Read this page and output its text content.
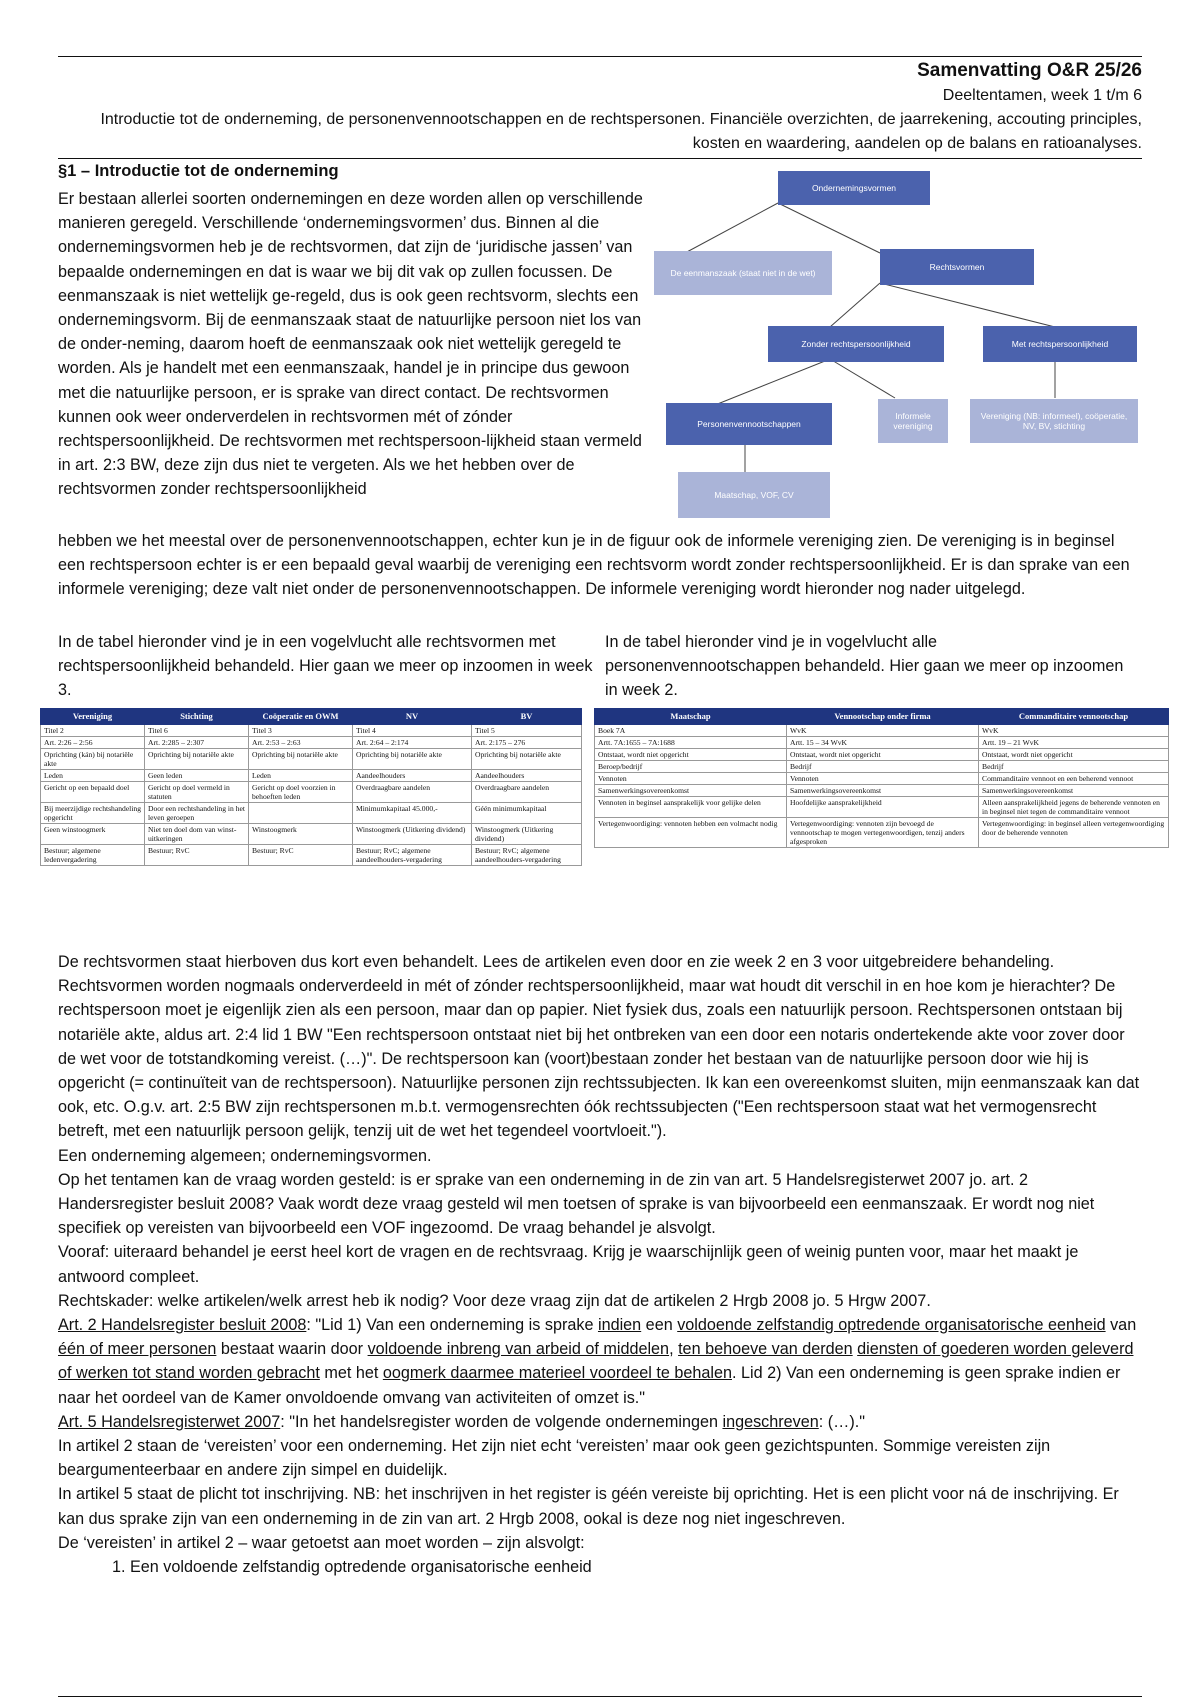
Samenvatting O&R 25/26
Deeltentamen, week 1 t/m 6
Introductie tot de onderneming, de personenvennootschappen en de rechtspersonen. Financiële overzichten, de jaarrekening, accouting principles, kosten en waardering, aandelen op de balans en ratioanalyses.
§1 – Introductie tot de onderneming
Er bestaan allerlei soorten ondernemingen en deze worden allen op verschillende manieren geregeld. Verschillende ‘ondernemingsvormen’ dus. Binnen al die ondernemingsvormen heb je de rechtsvormen, dat zijn de ‘juridische jassen’ van bepaalde ondernemingen en dat is waar we bij dit vak op zullen focussen. De eenmanszaak is niet wettelijk ge-regeld, dus is ook geen rechtsvorm, slechts een ondernemingsvorm. Bij de eenmanszaak staat de natuurlijke persoon niet los van de onder-neming, daarom hoeft de eenmanszaak ook niet wettelijk geregeld te worden. Als je handelt met een eenmanszaak, handel je in principe dus gewoon met die natuurlijke persoon, er is sprake van direct contact. De rechtsvormen kunnen ook weer onderverdelen in rechtsvormen mét of zónder rechtspersoonlijkheid. De rechtsvormen met rechtspersoon-lijkheid staan vermeld in art. 2:3 BW, deze zijn dus niet te vergeten. Als we het hebben over de rechtsvormen zonder rechtspersoonlijkheid
Ondernemingsvormen
De eenmanszaak (staat niet in de wet)
Rechtsvormen
Zonder rechtspersoonlijkheid	Met rechtspersoonlijkheid
Personenvennootschappen
Informele vereniging
Vereniging (NB: informeel), coöperatie, NV, BV, stichting
Maatschap, VOF, CV
hebben we het meestal over de personenvennootschappen, echter kun je in de figuur ook de informele vereniging zien. De vereniging is in beginsel een rechtspersoon echter is er een bepaald geval waarbij de vereniging een rechtsvorm wordt zonder rechtspersoonlijkheid. Er is dan sprake van een informele vereniging; deze valt niet onder de personenvennootschappen. De informele vereniging wordt hieronder nog nader uitgelegd.
In de tabel hieronder vind je in een vogelvlucht alle rechtsvormen met rechtspersoonlijkheid behandeld. Hier gaan we meer op inzoomen in week 3.
In de tabel hieronder vind je in vogelvlucht alle personenvennootschappen behandeld. Hier gaan we meer op inzoomen in week 2.
Vereniging	Stichting	Coöperatie en OWM	NV	BV
Titel 2	Titel 6	Titel 3	Titel 4	Titel 5
Art. 2:26 – 2:56	Art. 2:285 – 2:307	Art. 2:53 – 2:63	Art. 2:64 – 2:174	Art. 2:175 – 276
Oprichting (kán) bij notariële akte	Oprichting bij notariële akte	Oprichting bij notariële akte	Oprichting bij notariële akte	Oprichting bij notariële akte
Leden	Geen leden	Leden	Aandeelhouders	Aandeelhouders
Gericht op een bepaald doel	Gericht op doel vermeld in statuten	Gericht op doel voorzien in behoeften leden	Overdraagbare aandelen	Overdraagbare aandelen
Bij meerzijdige rechtshandeling opgericht	Door een rechtshandeling in het leven geroepen		Minimumkapitaal 45.000,-	Géén minimumkapitaal
Geen winstoogmerk	Niet ten doel dom van winst-uitkeringen	Winstoogmerk	Winstoogmerk (Uitkering dividend)	Winstoogmerk (Uitkering dividend)
Bestuur; algemene ledenvergadering	Bestuur; RvC	Bestuur; RvC	Bestuur; RvC; algemene aandeelhouders-vergadering	Bestuur; RvC; algemene aandeelhouders-vergadering
Maatschap	Vennootschap onder firma	Commanditaire vennootschap
Boek 7A	WvK	WvK
Artt. 7A:1655 – 7A:1688	Artt. 15 – 34 WvK	Artt. 19 – 21 WvK
Ontstaat, wordt niet opgericht	Ontstaat, wordt niet opgericht	Ontstaat, wordt niet opgericht
Beroep/bedrijf	Bedrijf	Bedrijf
Vennoten	Vennoten	Commanditaire vennoot en een beherend vennoot
Samenwerkingsovereenkomst	Samenwerkingsovereenkomst	Samenwerkingsovereenkomst
Vennoten in beginsel aansprakelijk voor gelijke delen	Hoofdelijke aansprakelijkheid	Alleen aansprakelijkheid jegens de beherende vennoten en in beginsel niet tegen de commanditaire vennoot
Vertegenwoordiging: vennoten hebben een volmacht nodig	Vertegenwoordiging: vennoten zijn bevoegd de vennootschap te mogen vertegenwoordigen, tenzij anders afgesproken	Vertegenwoordiging: in beginsel alleen vertegenwoordiging door de beherende vennoten
De rechtsvormen staat hierboven dus kort even behandelt. Lees de artikelen even door en zie week 2 en 3 voor uitgebreidere behandeling. Rechtsvormen worden nogmaals onderverdeeld in mét of zónder rechtspersoonlijkheid, maar wat houdt dit verschil in en hoe kom je hierachter? De rechtspersoon moet je eigenlijk zien als een persoon, maar dan op papier. Niet fysiek dus, zoals een natuurlijk persoon. Rechtspersonen ontstaan bij notariële akte, aldus art. 2:4 lid 1 BW "Een rechtspersoon ontstaat niet bij het ontbreken van een door een notaris ondertekende akte voor zover door de wet voor de totstandkoming vereist. (…)". De rechtspersoon kan (voort)bestaan zonder het bestaan van de natuurlijke persoon door wie hij is opgericht (= continuïteit van de rechtspersoon). Natuurlijke personen zijn rechtssubjecten. Ik kan een overeenkomst sluiten, mijn eenmanszaak kan dat ook, etc. O.g.v. art. 2:5 BW zijn rechtspersonen m.b.t. vermogensrechten óók rechtssubjecten ("Een rechtspersoon staat wat het vermogensrecht betreft, met een natuurlijk persoon gelijk, tenzij uit de wet het tegendeel voortvloeit.").
Een onderneming algemeen; ondernemingsvormen.
Op het tentamen kan de vraag worden gesteld: is er sprake van een onderneming in de zin van art. 5 Handelsregisterwet 2007 jo. art. 2 Handersregister besluit 2008? Vaak wordt deze vraag gesteld wil men toetsen of sprake is van bijvoorbeeld een eenmanszaak. Er wordt nog niet specifiek op vereisten van bijvoorbeeld een VOF ingezoomd. De vraag behandel je alsvolgt.
Vooraf: uiteraard behandel je eerst heel kort de vragen en de rechtsvraag. Krijg je waarschijnlijk geen of weinig punten voor, maar het maakt je antwoord compleet.
Rechtskader: welke artikelen/welk arrest heb ik nodig? Voor deze vraag zijn dat de artikelen 2 Hrgb 2008 jo. 5 Hrgw 2007.
Art. 2 Handelsregister besluit 2008: "Lid 1) Van een onderneming is sprake indien een voldoende zelfstandig optredende organisatorische eenheid van één of meer personen bestaat waarin door voldoende inbreng van arbeid of middelen, ten behoeve van derden diensten of goederen worden geleverd of werken tot stand worden gebracht met het oogmerk daarmee materieel voordeel te behalen. Lid 2) Van een onderneming is geen sprake indien er naar het oordeel van de Kamer onvoldoende omvang van activiteiten of omzet is."
Art. 5 Handelsregisterwet 2007: "In het handelsregister worden de volgende ondernemingen ingeschreven: (…)."
In artikel 2 staan de ‘vereisten’ voor een onderneming. Het zijn niet echt ‘vereisten’ maar ook geen gezichtspunten. Sommige vereisten zijn beargumenteerbaar en andere zijn simpel en duidelijk.
In artikel 5 staat de plicht tot inschrijving. NB: het inschrijven in het register is géén vereiste bij oprichting. Het is een plicht voor ná de inschrijving. Er kan dus sprake zijn van een onderneming in de zin van art. 2 Hrgb 2008, ookal is deze nog niet ingeschreven.
De ‘vereisten’ in artikel 2 – waar getoetst aan moet worden – zijn alsvolgt:
1. Een voldoende zelfstandig optredende organisatorische eenheid
